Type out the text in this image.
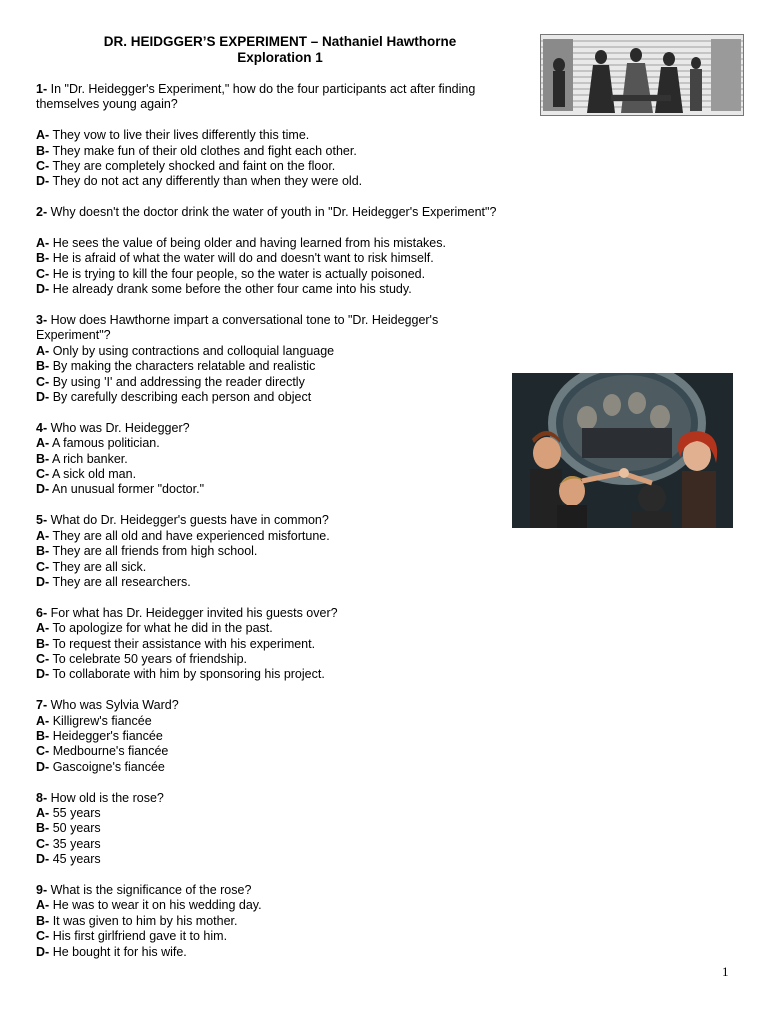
DR. HEIDGGER’S EXPERIMENT – Nathaniel Hawthorne
Exploration 1
1- In "Dr. Heidegger's Experiment," how do the four participants act after finding themselves young again?
A- They vow to live their lives differently this time.
B- They make fun of their old clothes and fight each other.
C- They are completely shocked and faint on the floor.
D- They do not act any differently than when they were old.
2- Why doesn't the doctor drink the water of youth in "Dr. Heidegger's Experiment"?
A- He sees the value of being older and having learned from his mistakes.
B- He is afraid of what the water will do and doesn't want to risk himself.
C- He is trying to kill the four people, so the water is actually poisoned.
D- He already drank some before the other four came into his study.
3- How does Hawthorne impart a conversational tone to "Dr. Heidegger's Experiment"?
A- Only by using contractions and colloquial language
B- By making the characters relatable and realistic
C- By using 'I' and addressing the reader directly
D- By carefully describing each person and object
4- Who was Dr. Heidegger?
A- A famous politician.
B- A rich banker.
C- A sick old man.
D- An unusual former "doctor."
5- What do Dr. Heidegger's guests have in common?
A- They are all old and have experienced misfortune.
B- They are all friends from high school.
C- They are all sick.
D- They are all researchers.
6- For what has Dr. Heidegger invited his guests over?
A- To apologize for what he did in the past.
B- To request their assistance with his experiment.
C- To celebrate 50 years of friendship.
D- To collaborate with him by sponsoring his project.
7- Who was Sylvia Ward?
A- Killigrew's fiancée
B- Heidegger's fiancée
C- Medbourne's fiancée
D- Gascoigne's fiancée
8- How old is the rose?
A- 55 years
B- 50 years
C- 35 years
D- 45 years
9- What is the significance of the rose?
A- He was to wear it on his wedding day.
B- It was given to him by his mother.
C- His first girlfriend gave it to him.
D- He bought it for his wife.
1
